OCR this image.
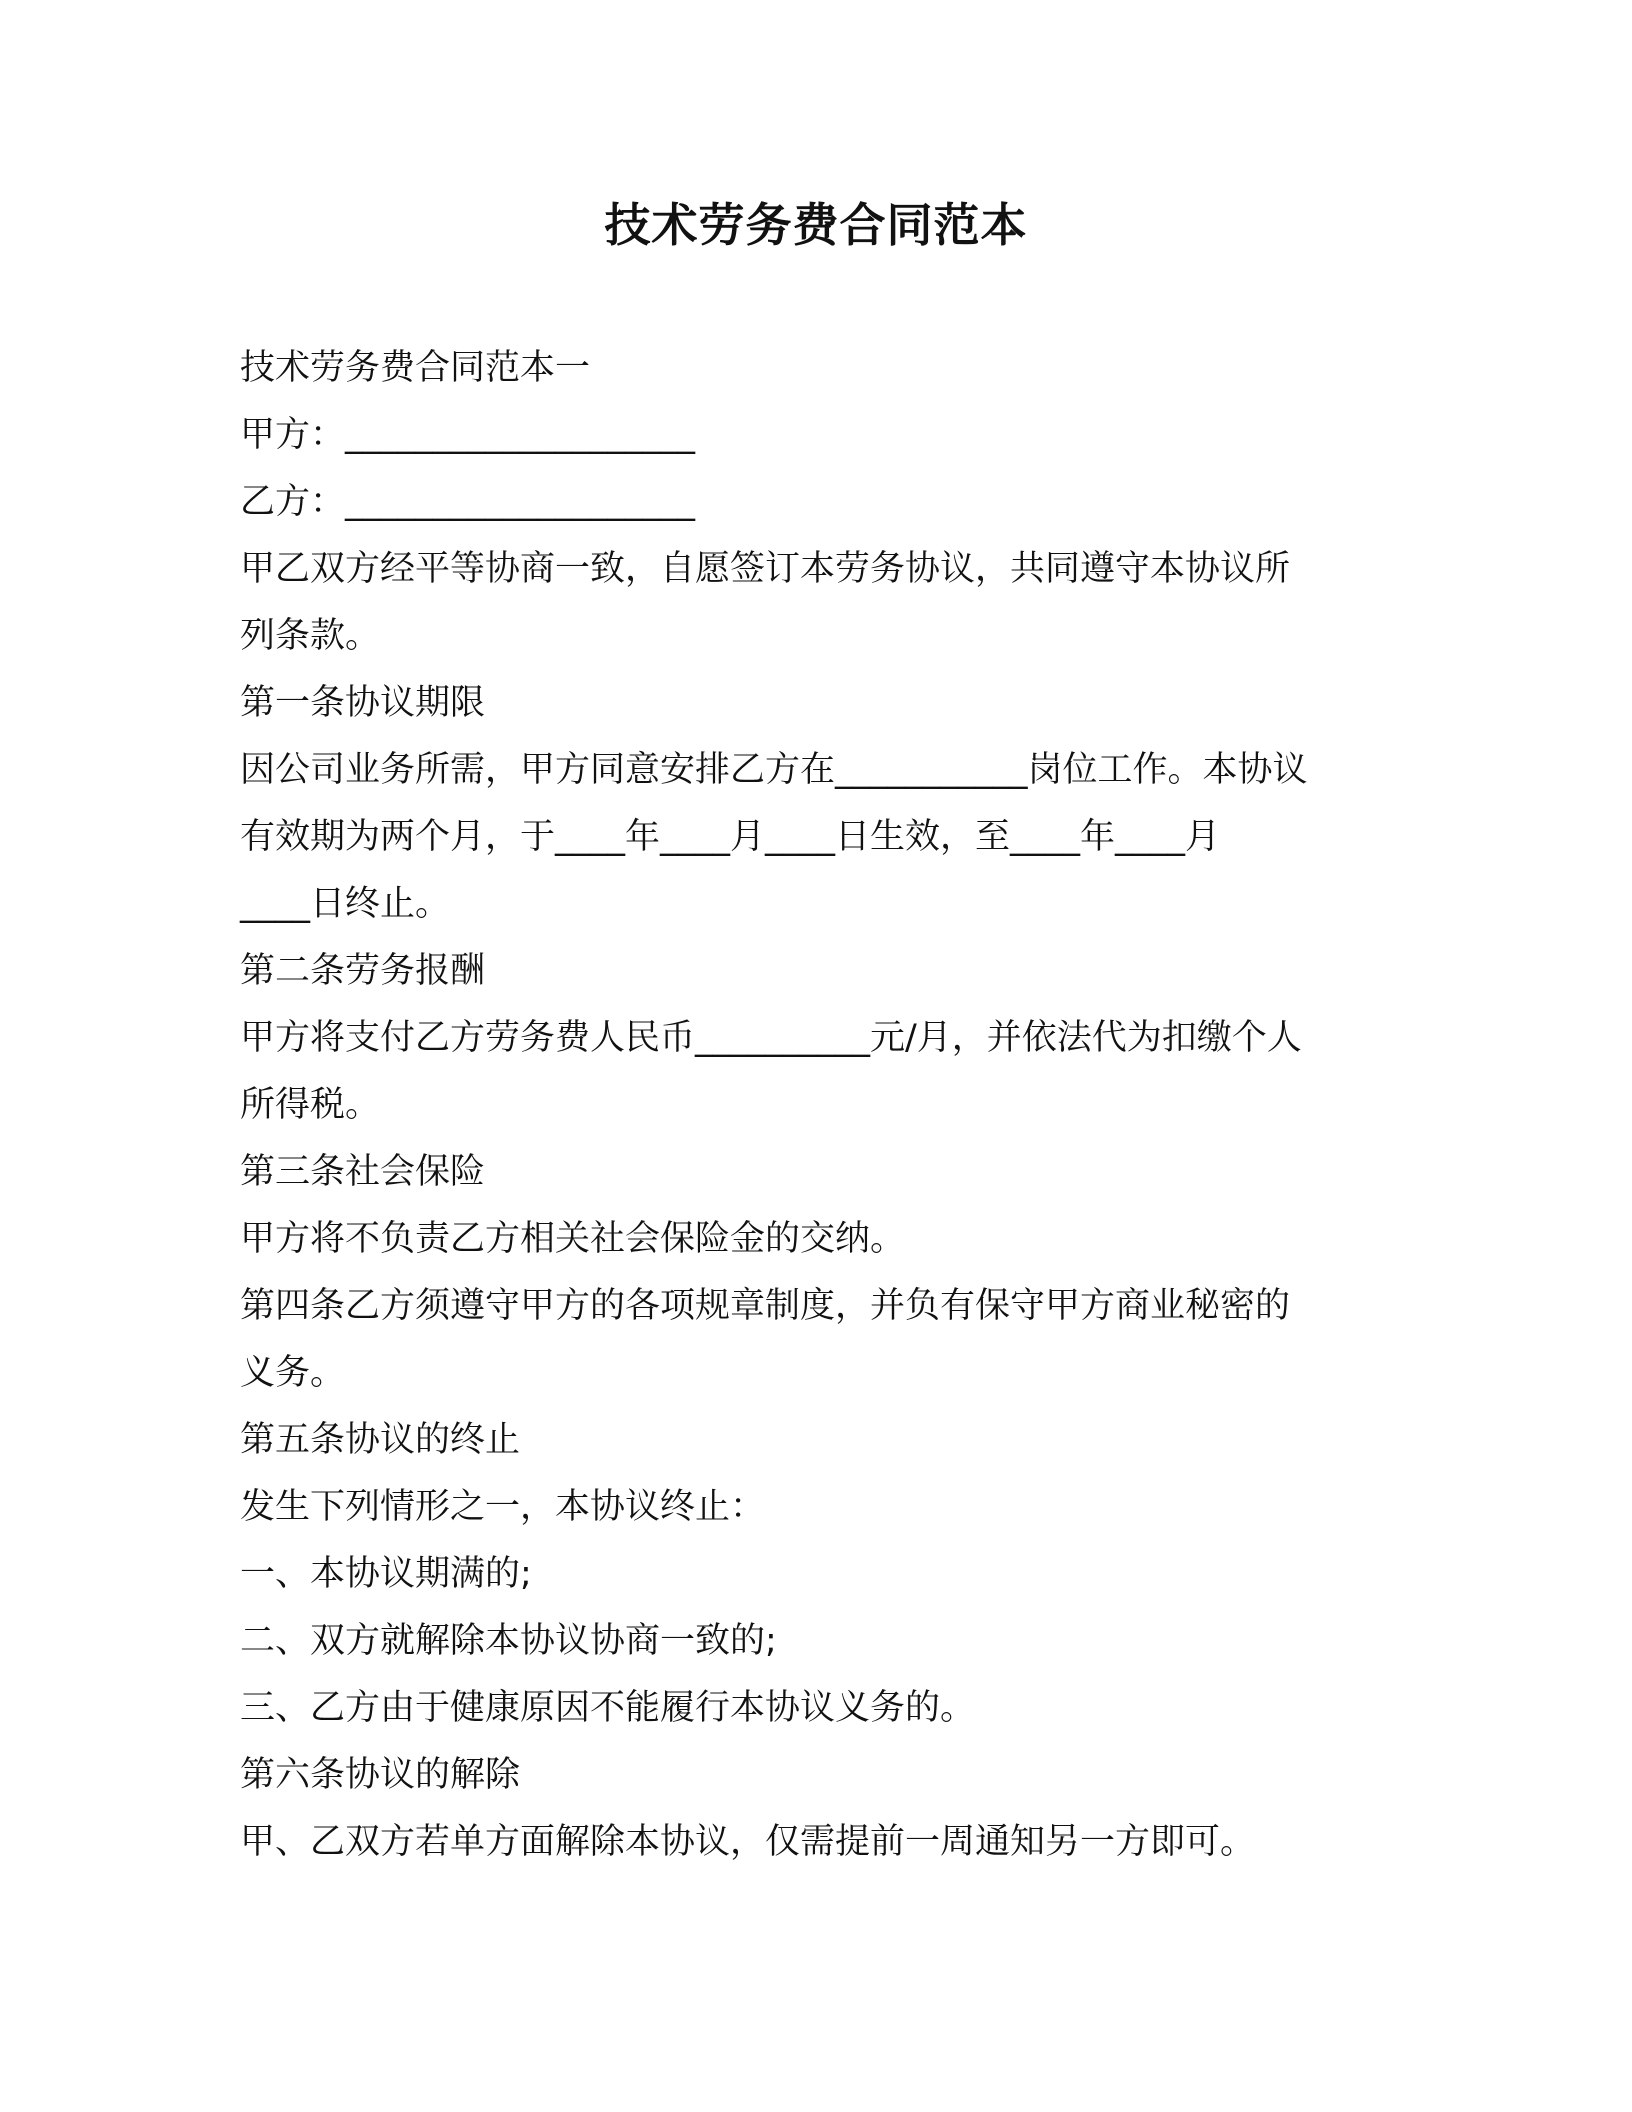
技术劳务费合同范本
技术劳务费合同范本一
甲方：____________________
乙方：____________________
甲乙双方经平等协商一致，自愿签订本劳务协议，共同遵守本协议所
列条款。
第一条协议期限
因公司业务所需，甲方同意安排乙方在___________岗位工作。本协议
有效期为两个月，于____年____月____日生效，至____年____月
____日终止。
第二条劳务报酬
甲方将支付乙方劳务费人民币__________元/月，并依法代为扣缴个人
所得税。
第三条社会保险
甲方将不负责乙方相关社会保险金的交纳。
第四条乙方须遵守甲方的各项规章制度，并负有保守甲方商业秘密的
义务。
第五条协议的终止
发生下列情形之一，本协议终止：
一、本协议期满的;
二、双方就解除本协议协商一致的;
三、乙方由于健康原因不能履行本协议义务的。
第六条协议的解除
甲、乙双方若单方面解除本协议，仅需提前一周通知另一方即可。
